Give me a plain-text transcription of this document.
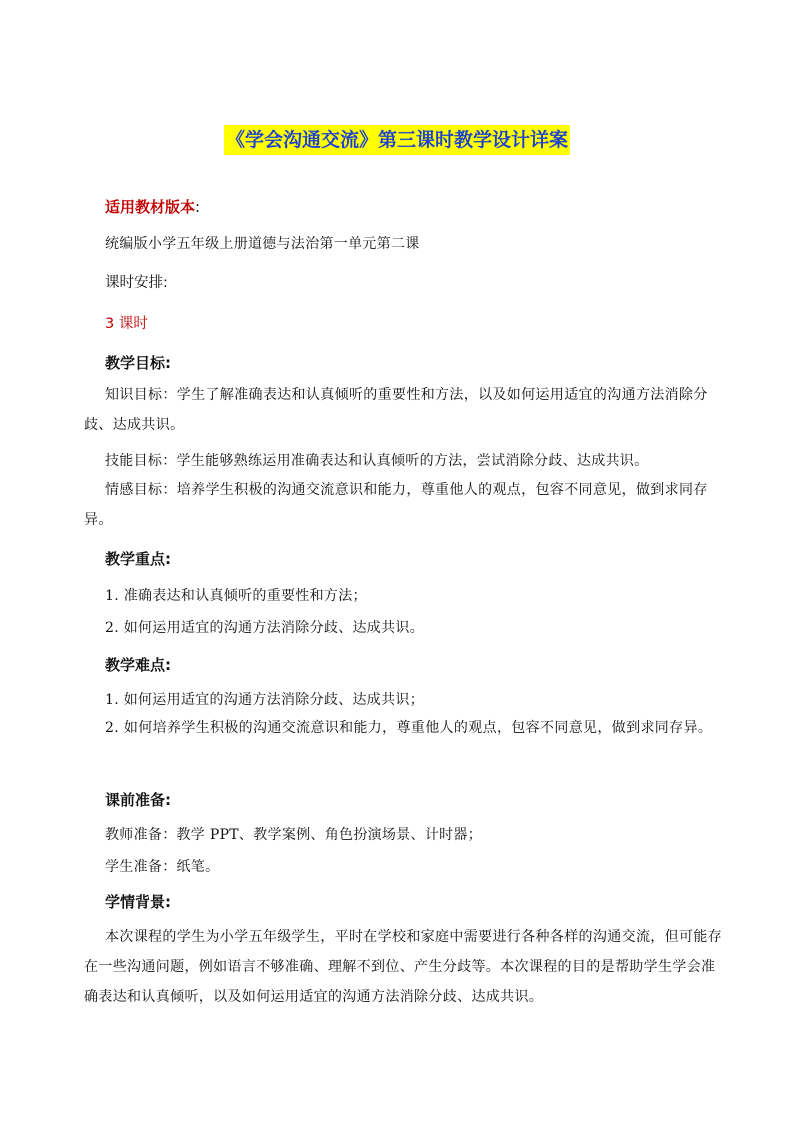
《学会沟通交流》第三课时教学设计详案
适用教材版本:
统编版小学五年级上册道德与法治第一单元第二课
课时安排:
3 课时
教学目标:
知识目标：学生了解准确表达和认真倾听的重要性和方法，以及如何运用适宜的沟通方法消除分歧、达成共识。
技能目标：学生能够熟练运用准确表达和认真倾听的方法，尝试消除分歧、达成共识。
情感目标：培养学生积极的沟通交流意识和能力，尊重他人的观点，包容不同意见，做到求同存异。
教学重点:
1. 准确表达和认真倾听的重要性和方法；
2. 如何运用适宜的沟通方法消除分歧、达成共识。
教学难点:
1. 如何运用适宜的沟通方法消除分歧、达成共识；
2. 如何培养学生积极的沟通交流意识和能力，尊重他人的观点，包容不同意见，做到求同存异。
课前准备:
教师准备：教学 PPT、教学案例、角色扮演场景、计时器；
学生准备：纸笔。
学情背景:
本次课程的学生为小学五年级学生，平时在学校和家庭中需要进行各种各样的沟通交流，但可能存在一些沟通问题，例如语言不够准确、理解不到位、产生分歧等。本次课程的目的是帮助学生学会准确表达和认真倾听，以及如何运用适宜的沟通方法消除分歧、达成共识。
